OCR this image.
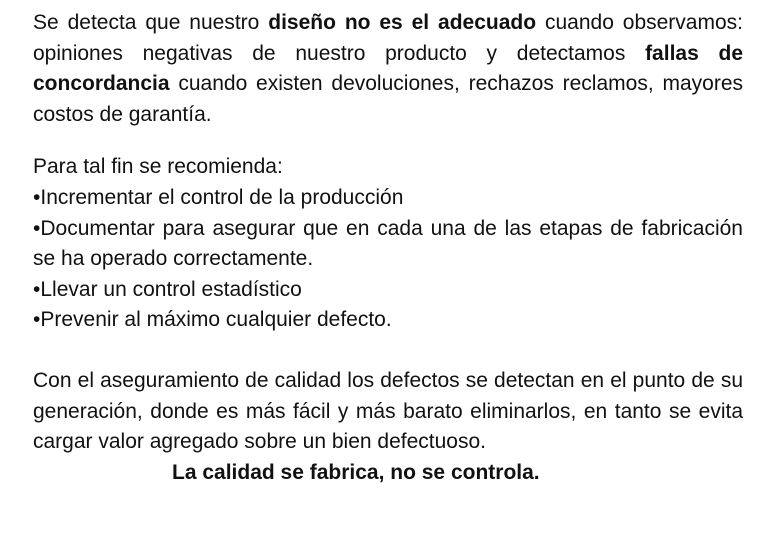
Se detecta que nuestro diseño no es el adecuado cuando observamos: opiniones negativas de nuestro producto y detectamos fallas de concordancia cuando existen devoluciones, rechazos reclamos, mayores costos de garantía.

Para tal fin se recomienda:
•Incrementar el control de la producción
•Documentar para asegurar que en cada una de las etapas de fabricación se ha operado correctamente.
•Llevar un control estadístico
•Prevenir al máximo cualquier defecto.

Con el aseguramiento de calidad los defectos se detectan en el punto de su generación, donde es más fácil y más barato eliminarlos, en tanto se evita cargar valor agregado sobre un bien defectuoso.

La calidad se fabrica, no se controla.
